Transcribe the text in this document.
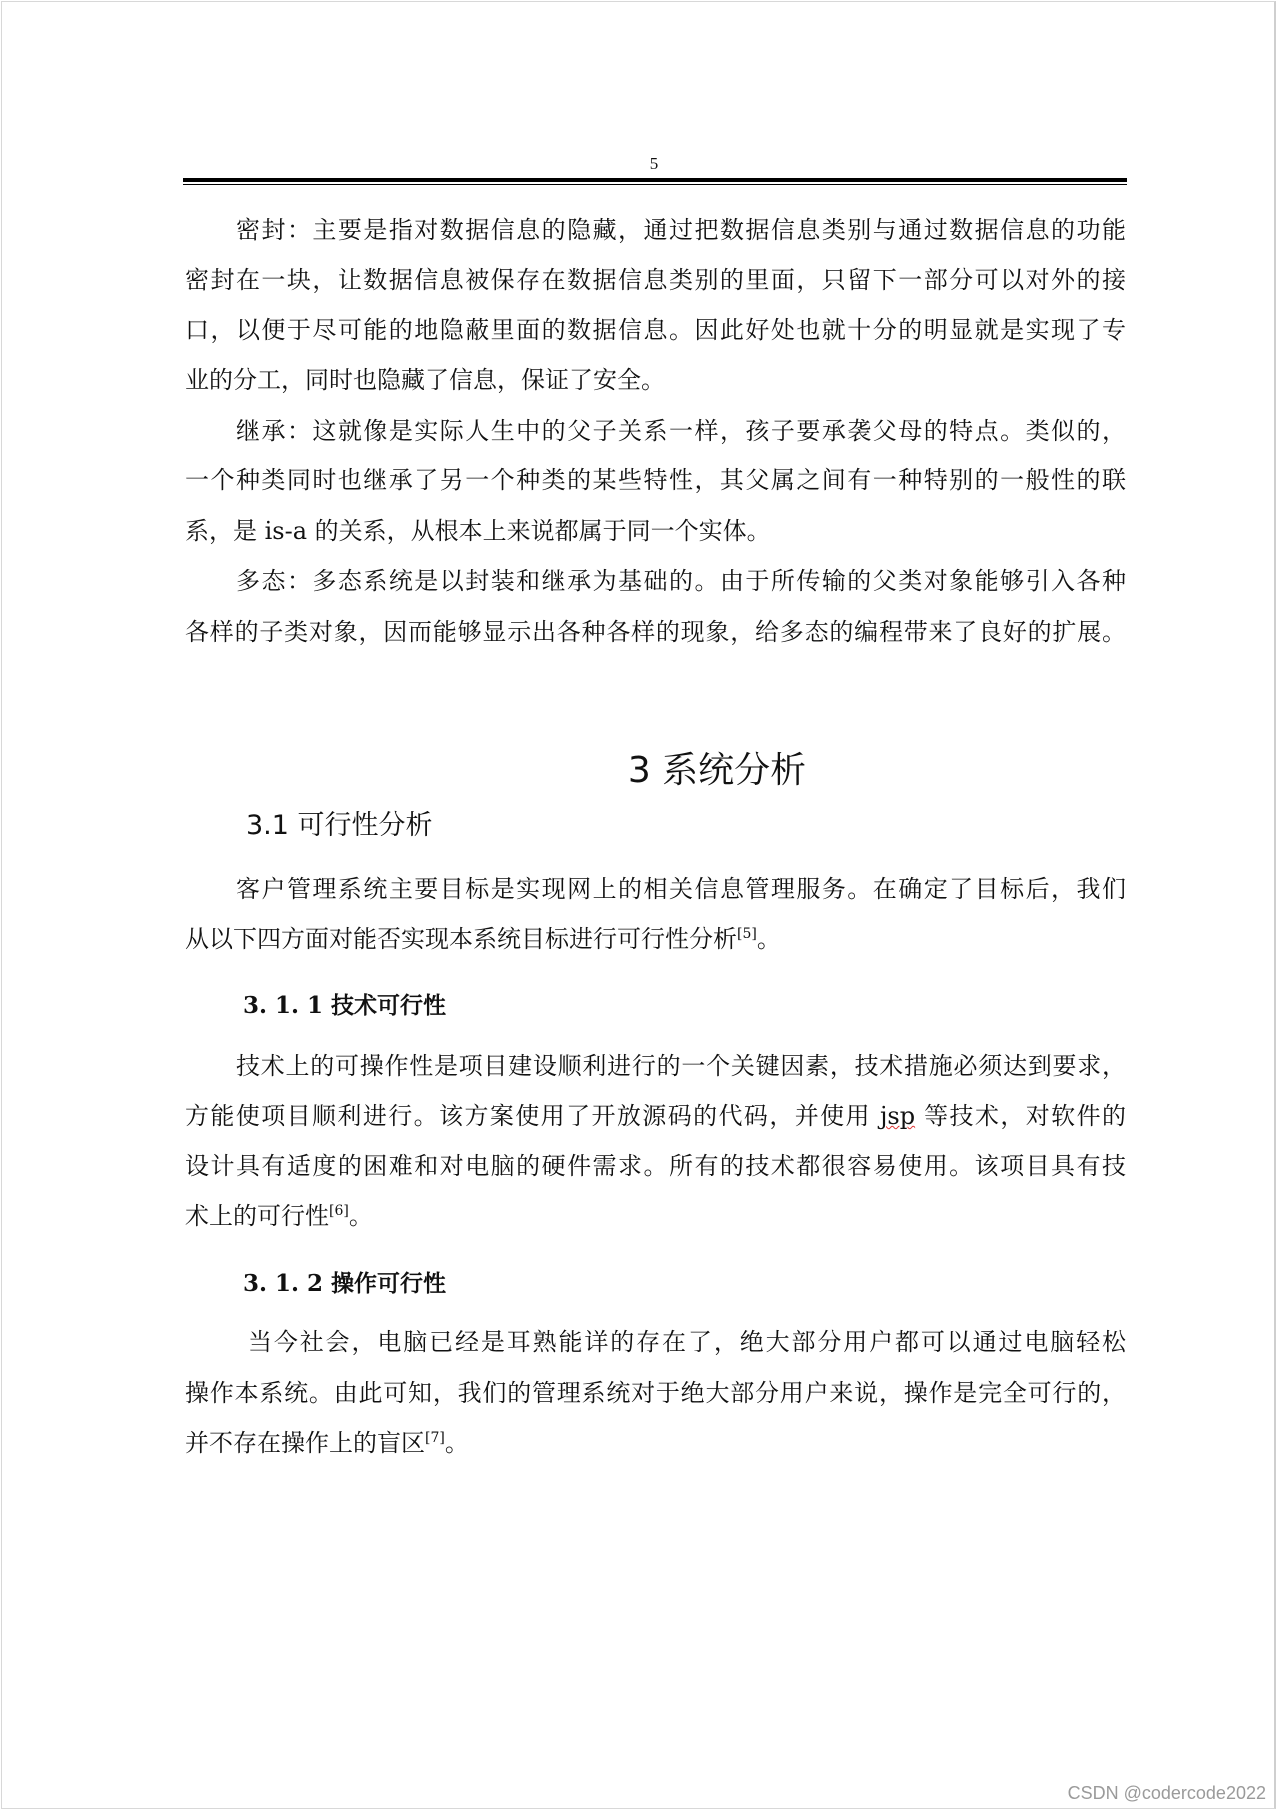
5
密封：主要是指对数据信息的隐藏，通过把数据信息类别与通过数据信息的功能
密封在一块，让数据信息被保存在数据信息类别的里面，只留下一部分可以对外的接
口，以便于尽可能的地隐蔽里面的数据信息。因此好处也就十分的明显就是实现了专
业的分工，同时也隐藏了信息，保证了安全。
继承：这就像是实际人生中的父子关系一样，孩子要承袭父母的特点。类似的，
一个种类同时也继承了另一个种类的某些特性，其父属之间有一种特别的一般性的联
系，是 is-a 的关系，从根本上来说都属于同一个实体。
多态：多态系统是以封装和继承为基础的。由于所传输的父类对象能够引入各种
各样的子类对象，因而能够显示出各种各样的现象，给多态的编程带来了良好的扩展。
3 系统分析
3.1 可行性分析
客户管理系统主要目标是实现网上的相关信息管理服务。在确定了目标后，我们
从以下四方面对能否实现本系统目标进行可行性分析[5]。
3. 1. 1 技术可行性
技术上的可操作性是项目建设顺利进行的一个关键因素，技术措施必须达到要求，
方能使项目顺利进行。该方案使用了开放源码的代码，并使用 jsp 等技术，对软件的
设计具有适度的困难和对电脑的硬件需求。所有的技术都很容易使用。该项目具有技
术上的可行性[6]。
3. 1. 2 操作可行性
当今社会，电脑已经是耳熟能详的存在了，绝大部分用户都可以通过电脑轻松
操作本系统。由此可知，我们的管理系统对于绝大部分用户来说，操作是完全可行的，
并不存在操作上的盲区[7]。
CSDN @codercode2022
